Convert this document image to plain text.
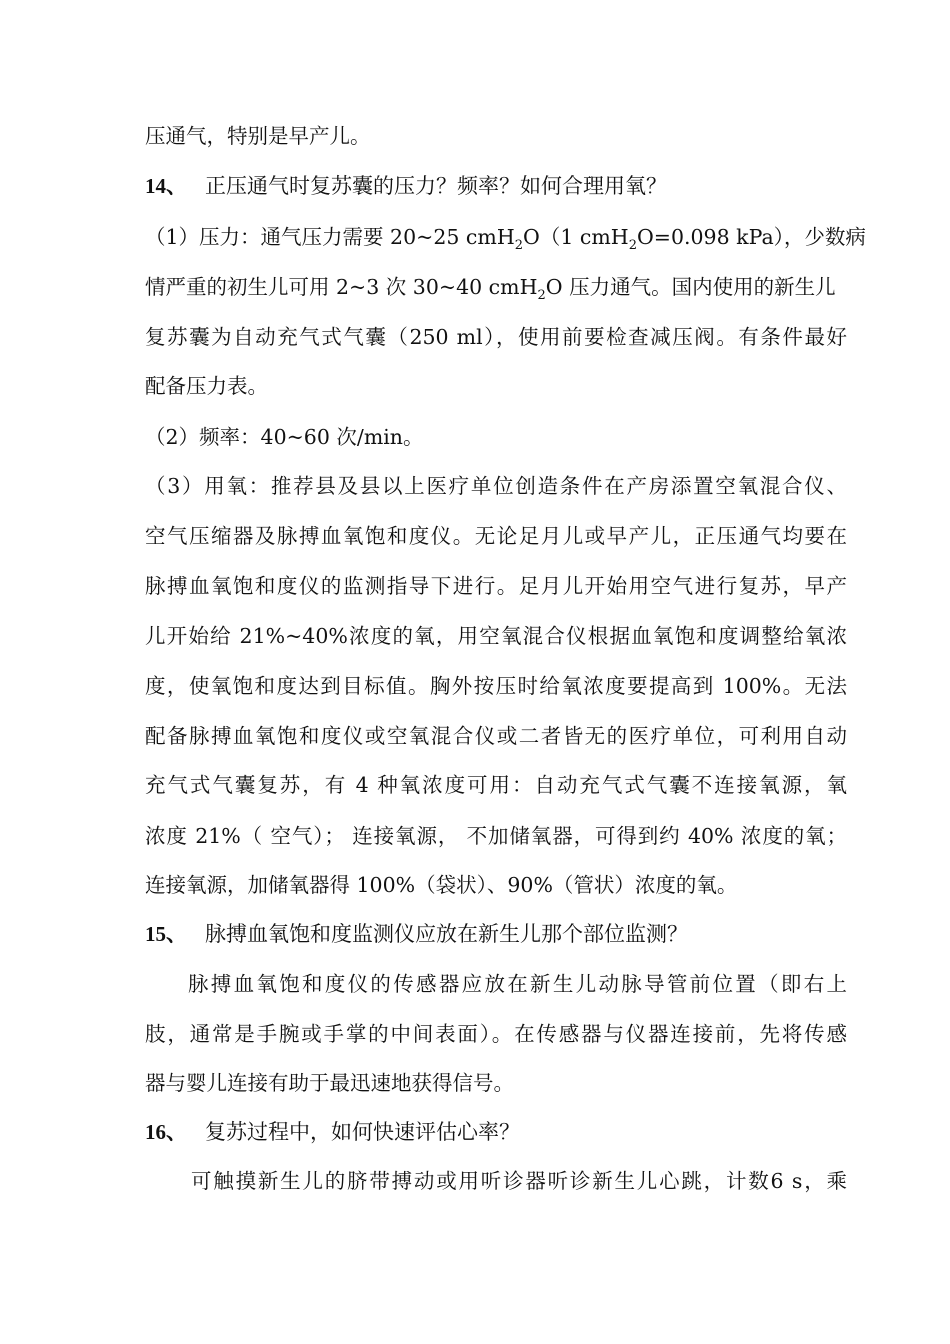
压通气，特别是早产儿。
14、 正压通气时复苏囊的压力？频率？如何合理用氧？
（1）压力：通气压力需要 20~25 cmH$_2$O（1 cmH$_2$O=0.098 kPa），少数病
情严重的初生儿可用 2~3 次 30~40 cmH$_2$O 压力通气。国内使用的新生儿
复苏囊为自动充气式气囊（250 ml），使用前要检查减压阀。有条件最好
配备压力表。
（2）频率：40~60 次/min。
（3）用氧：推荐县及县以上医疗单位创造条件在产房添置空氧混合仪、
空气压缩器及脉搏血氧饱和度仪。无论足月儿或早产儿，正压通气均要在
脉搏血氧饱和度仪的监测指导下进行。足月儿开始用空气进行复苏，早产
儿开始给 21%~40%浓度的氧，用空氧混合仪根据血氧饱和度调整给氧浓
度，使氧饱和度达到目标值。胸外按压时给氧浓度要提高到 100%。无法
配备脉搏血氧饱和度仪或空氧混合仪或二者皆无的医疗单位，可利用自动
充气式气囊复苏，有 4 种氧浓度可用：自动充气式气囊不连接氧源，氧
浓度 21%（ 空气）； 连接氧源， 不加储氧器，可得到约 40% 浓度的氧；
连接氧源，加储氧器得 100%（袋状）、90%（管状）浓度的氧。
15、 脉搏血氧饱和度监测仪应放在新生儿那个部位监测？
脉搏血氧饱和度仪的传感器应放在新生儿动脉导管前位置（即右上
肢，通常是手腕或手掌的中间表面）。在传感器与仪器连接前，先将传感
器与婴儿连接有助于最迅速地获得信号。
16、 复苏过程中，如何快速评估心率？
可触摸新生儿的脐带搏动或用听诊器听诊新生儿心跳，计数6 s，乘
